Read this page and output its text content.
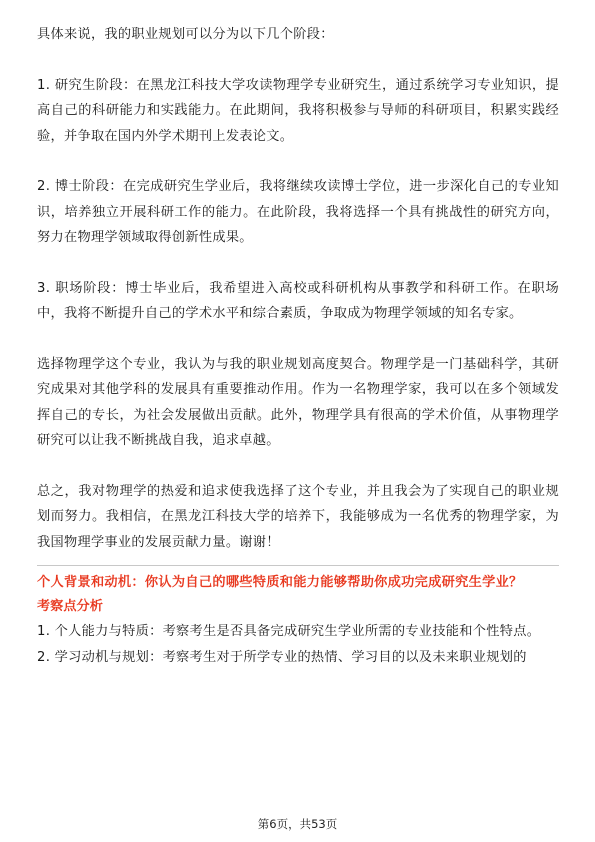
具体来说，我的职业规划可以分为以下几个阶段：

1. 研究生阶段：在黑龙江科技大学攻读物理学专业研究生，通过系统学习专业知识，提高自己的科研能力和实践能力。在此期间，我将积极参与导师的科研项目，积累实践经验，并争取在国内外学术期刊上发表论文。

2. 博士阶段：在完成研究生学业后，我将继续攻读博士学位，进一步深化自己的专业知识，培养独立开展科研工作的能力。在此阶段，我将选择一个具有挑战性的研究方向，努力在物理学领域取得创新性成果。

3. 职场阶段：博士毕业后，我希望进入高校或科研机构从事教学和科研工作。在职场中，我将不断提升自己的学术水平和综合素质，争取成为物理学领域的知名专家。

选择物理学这个专业，我认为与我的职业规划高度契合。物理学是一门基础科学，其研究成果对其他学科的发展具有重要推动作用。作为一名物理学家，我可以在多个领域发挥自己的专长，为社会发展做出贡献。此外，物理学具有很高的学术价值，从事物理学研究可以让我不断挑战自我，追求卓越。

总之，我对物理学的热爱和追求使我选择了这个专业，并且我会为了实现自己的职业规划而努力。我相信，在黑龙江科技大学的培养下，我能够成为一名优秀的物理学家，为我国物理学事业的发展贡献力量。谢谢！

个人背景和动机：你认为自己的哪些特质和能力能够帮助你成功完成研究生学业？

考察点分析

1. 个人能力与特质：考察考生是否具备完成研究生学业所需的专业技能和个性特点。

2. 学习动机与规划：考察考生对于所学专业的热情、学习目的以及未来职业规划的

第6页，共53页
